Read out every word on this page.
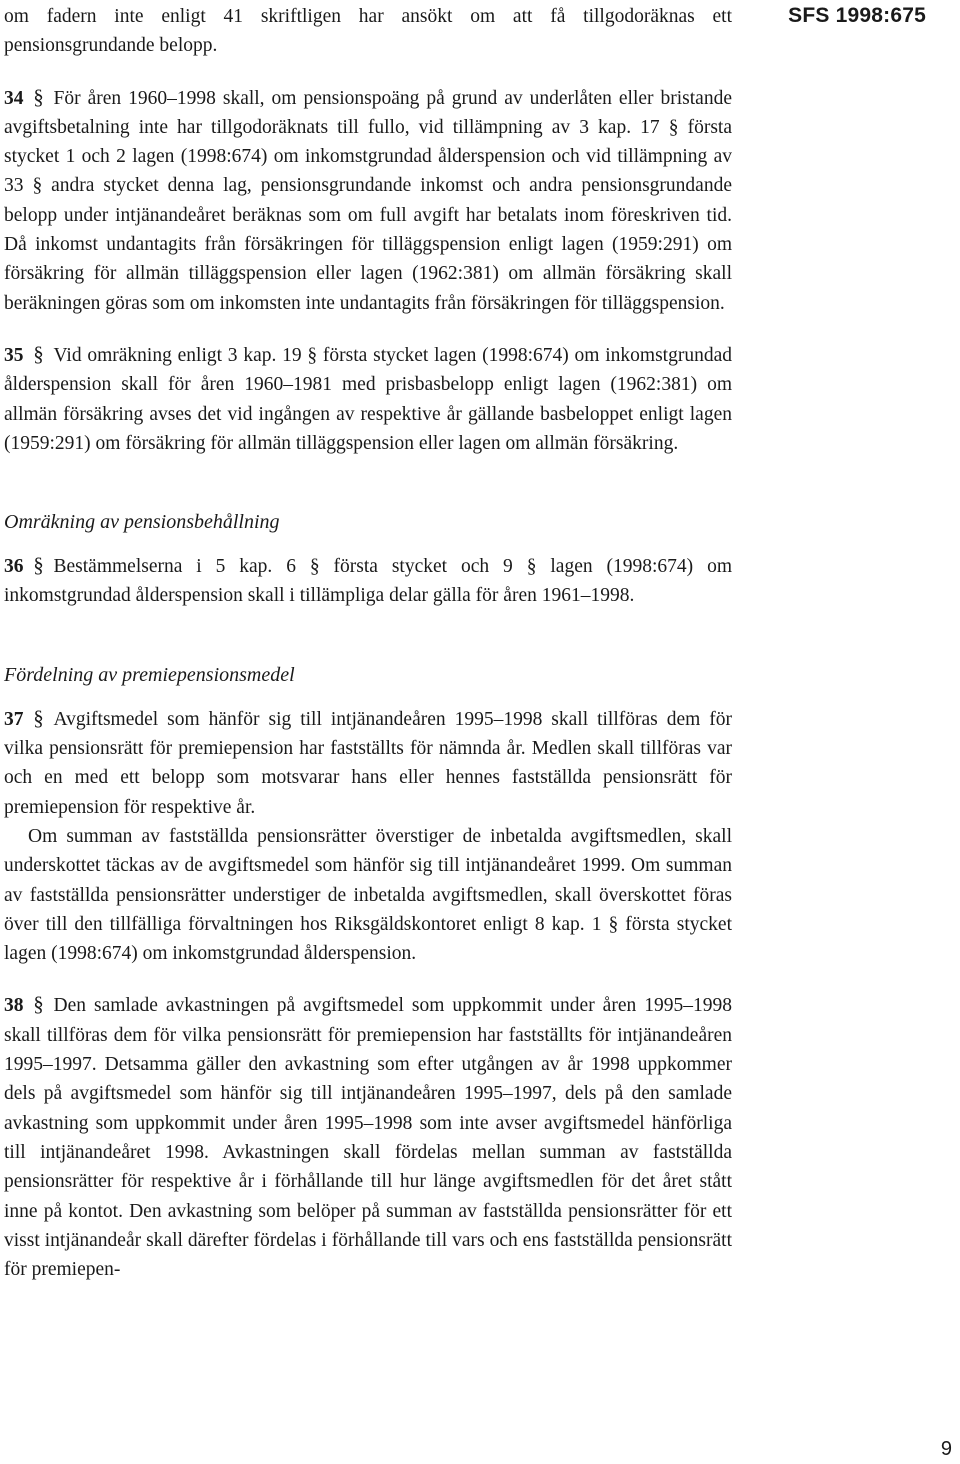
SFS 1998:675

om fadern inte enligt 41 skriftligen har ansökt om att få tillgodoräknas ett pensionsgrundande belopp.

34 § För åren 1960–1998 skall, om pensionspoäng på grund av underlåten eller bristande avgiftsbetalning inte har tillgodoräknats till fullo, vid tillämpning av 3 kap. 17 § första stycket 1 och 2 lagen (1998:674) om inkomstgrundad ålderspension och vid tillämpning av 33 § andra stycket denna lag, pensionsgrundande inkomst och andra pensionsgrundande belopp under intjänandeåret beräknas som om full avgift har betalats inom föreskriven tid. Då inkomst undantagits från försäkringen för tilläggspension enligt lagen (1959:291) om försäkring för allmän tilläggspension eller lagen (1962:381) om allmän försäkring skall beräkningen göras som om inkomsten inte undantagits från försäkringen för tilläggspension.

35 § Vid omräkning enligt 3 kap. 19 § första stycket lagen (1998:674) om inkomstgrundad ålderspension skall för åren 1960–1981 med prisbasbelopp enligt lagen (1962:381) om allmän försäkring avses det vid ingången av respektive år gällande basbeloppet enligt lagen (1959:291) om försäkring för allmän tilläggspension eller lagen om allmän försäkring.

Omräkning av pensionsbehållning

36 § Bestämmelserna i 5 kap. 6 § första stycket och 9 § lagen (1998:674) om inkomstgrundad ålderspension skall i tillämpliga delar gälla för åren 1961–1998.

Fördelning av premiepensionsmedel

37 § Avgiftsmedel som hänför sig till intjänandeåren 1995–1998 skall tillföras dem för vilka pensionsrätt för premiepension har fastställts för nämnda år. Medlen skall tillföras var och en med ett belopp som motsvarar hans eller hennes fastställda pensionsrätt för premiepension för respektive år.

Om summan av fastställda pensionsrätter överstiger de inbetalda avgiftsmedlen, skall underskottet täckas av de avgiftsmedel som hänför sig till intjänandeåret 1999. Om summan av fastställda pensionsrätter understiger de inbetalda avgiftsmedlen, skall överskottet föras över till den tillfälliga förvaltningen hos Riksgäldskontoret enligt 8 kap. 1 § första stycket lagen (1998:674) om inkomstgrundad ålderspension.

38 § Den samlade avkastningen på avgiftsmedel som uppkommit under åren 1995–1998 skall tillföras dem för vilka pensionsrätt för premiepension har fastställts för intjänandeåren 1995–1997. Detsamma gäller den avkastning som efter utgången av år 1998 uppkommer dels på avgiftsmedel som hänför sig till intjänandeåren 1995–1997, dels på den samlade avkastning som uppkommit under åren 1995–1998 som inte avser avgiftsmedel hänförliga till intjänandeåret 1998. Avkastningen skall fördelas mellan summan av fastställda pensionsrätter för respektive år i förhållande till hur länge avgiftsmedlen för det året stått inne på kontot. Den avkastning som belöper på summan av fastställda pensionsrätter för ett visst intjänandeår skall därefter fördelas i förhållande till vars och ens fastställda pensionsrätt för premiepen-

9
